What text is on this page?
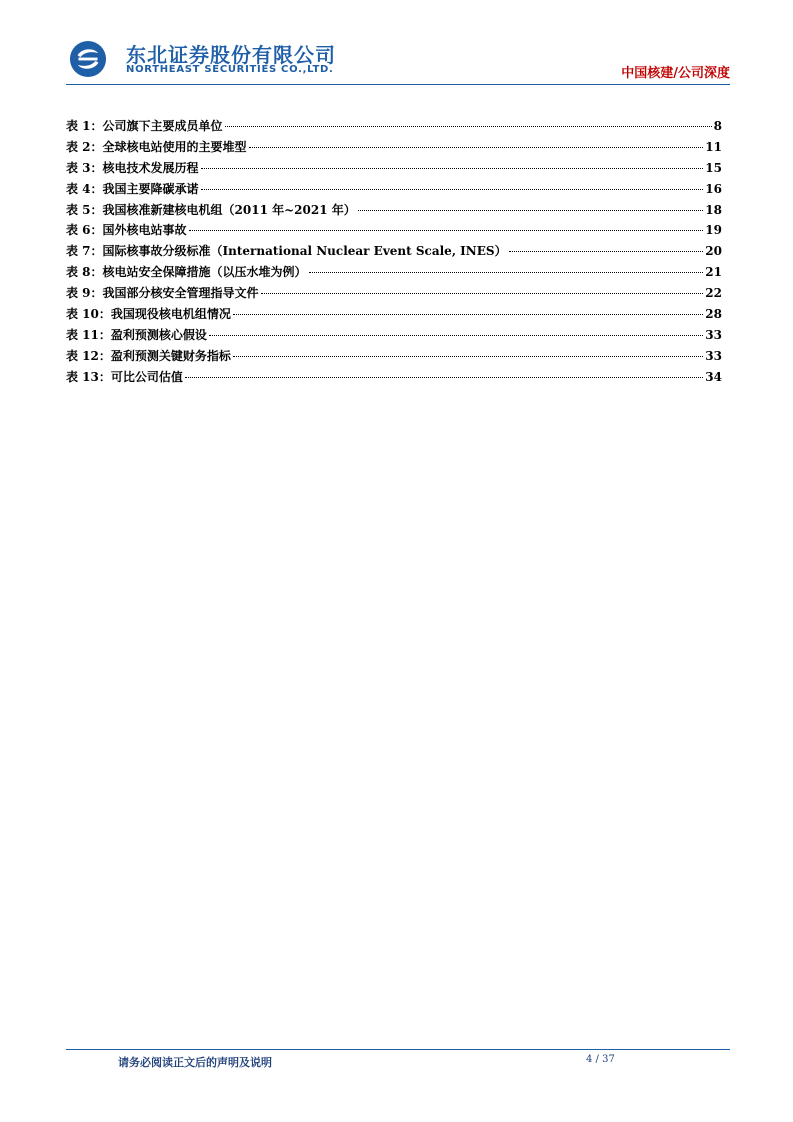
东北证券股份有限公司
NORTHEAST SECURITIES CO.,LTD.	中国核建/公司深度
表 1：公司旗下主要成员单位	8
表 2：全球核电站使用的主要堆型	11
表 3：核电技术发展历程	15
表 4：我国主要降碳承诺	16
表 5：我国核准新建核电机组（2011 年~2021 年）	18
表 6：国外核电站事故	19
表 7：国际核事故分级标准（International Nuclear Event Scale, INES）	20
表 8：核电站安全保障措施（以压水堆为例）	21
表 9：我国部分核安全管理指导文件	22
表 10：我国现役核电机组情况	28
表 11：盈利预测核心假设	33
表 12：盈利预测关键财务指标	33
表 13：可比公司估值	34
请务必阅读正文后的声明及说明	4 / 37
